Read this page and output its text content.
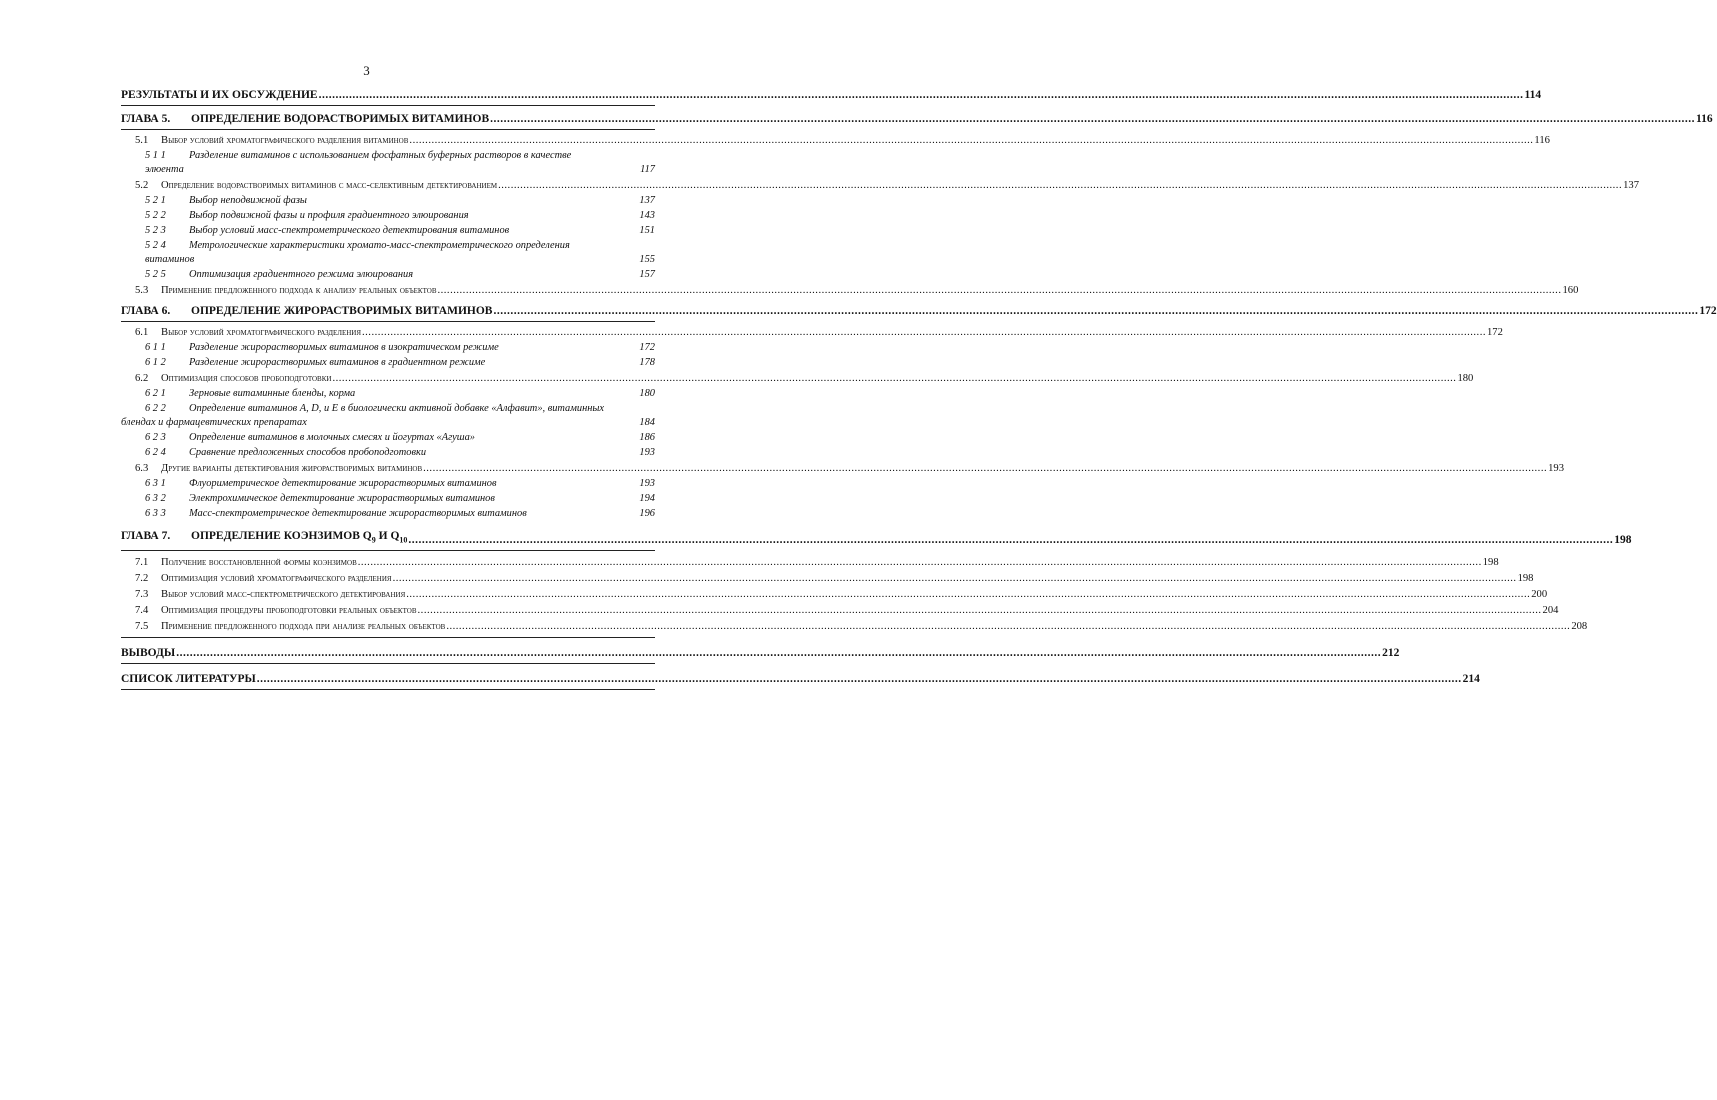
3
РЕЗУЛЬТАТЫ И ИХ ОБСУЖДЕНИЕ .....	114
ГЛАВА 5. ОПРЕДЕЛЕНИЕ ВОДОРАСТВОРИМЫХ ВИТАМИНОВ .....	116
5.1 Выбор условий хроматографического разделения витаминов .....	116
5 1 1 Разделение витаминов с использованием фосфатных буферных растворов в качестве
элюента	117
5.2 Определение водорастворимых витаминов с масс-селективным детектированием .....	137
5 2 1 Выбор неподвижной фазы	137
5 2 2 Выбор подвижной фазы и профиля градиентного элюирования	143
5 2 3 Выбор условий масс-спектрометрического детектирования витаминов	151
5 2 4 Метрологические характеристики хромато-масс-спектрометрического определения
витаминов	155
5 2 5 Оптимизация градиентного режима элюирования	157
5.3 Применение предложенного подхода к анализу реальных объектов .....	160
ГЛАВА 6. ОПРЕДЕЛЕНИЕ ЖИРОРАСТВОРИМЫХ ВИТАМИНОВ .....	172
6.1 Выбор условий хроматографического разделения .....	172
6 1 1 Разделение жирорастворимых витаминов в изократическом режиме	172
6 1 2 Разделение жирорастворимых витаминов в градиентном режиме	178
6.2 Оптимизация способов пробоподготовки .....	180
6 2 1 Зерновые витаминные бленды, корма	180
6 2 2 Определение витаминов A, D, и E в биологически активной добавке «Алфавит», витаминных
блендах и фармацевтических препаратах	184
6 2 3 Определение витаминов в молочных смесях и йогуртах «Агуша»	186
6 2 4 Сравнение предложенных способов пробоподготовки	193
6.3 Другие варианты детектирования жирорастворимых витаминов .....	193
6 3 1 Флуориметрическое детектирование жирорастворимых витаминов	193
6 3 2 Электрохимическое детектирование жирорастворимых витаминов	194
6 3 3 Масс-спектрометрическое детектирование жирорастворимых витаминов	196
ГЛАВА 7. ОПРЕДЕЛЕНИЕ КОЭНЗИМОВ $Q_9$ И $Q_{10}$ .....	198
7.1 Получение восстановленной формы коэнзимов .....	198
7.2 Оптимизация условий хроматографического разделения .....	198
7.3 Выбор условий масс-спектрометрического детектирования .....	200
7.4 Оптимизация процедуры пробоподготовки реальных объектов .....	204
7.5 Применение предложенного подхода при анализе реальных объектов .....	208
ВЫВОДЫ .....	212
СПИСОК ЛИТЕРАТУРЫ .....	214
